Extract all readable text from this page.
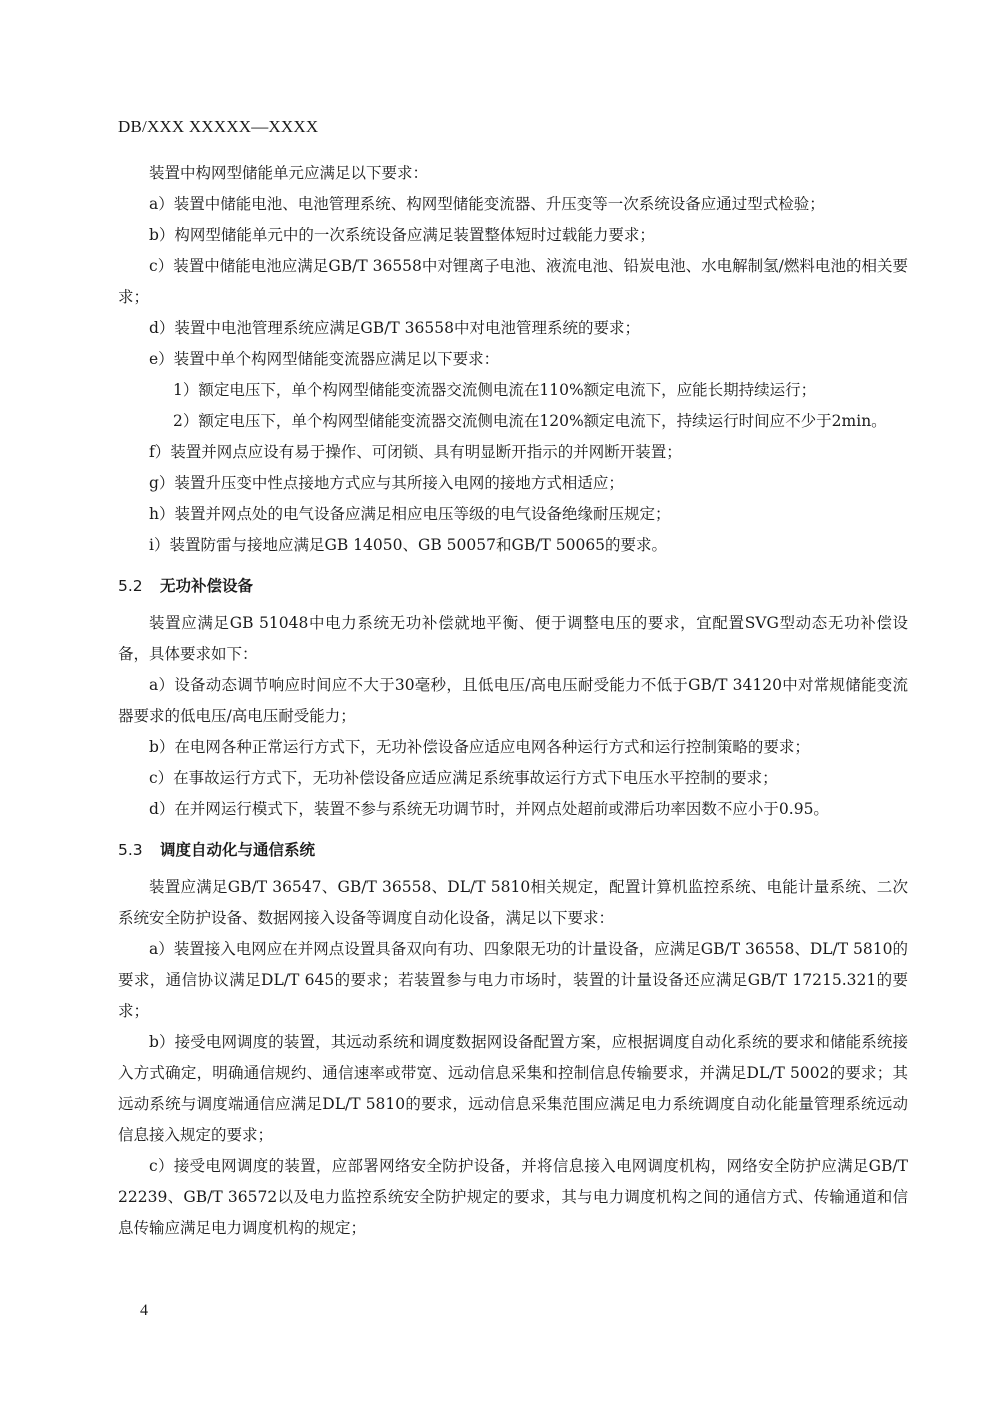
DB/XXX XXXXX—XXXX

装置中构网型储能单元应满足以下要求：

a）装置中储能电池、电池管理系统、构网型储能变流器、升压变等一次系统设备应通过型式检验；

b）构网型储能单元中的一次系统设备应满足装置整体短时过载能力要求；

c）装置中储能电池应满足GB/T 36558中对锂离子电池、液流电池、铅炭电池、水电解制氢/燃料电池的相关要求；

d）装置中电池管理系统应满足GB/T 36558中对电池管理系统的要求；

e）装置中单个构网型储能变流器应满足以下要求：

1）额定电压下，单个构网型储能变流器交流侧电流在110%额定电流下，应能长期持续运行；

2）额定电压下，单个构网型储能变流器交流侧电流在120%额定电流下，持续运行时间应不少于2min。

f）装置并网点应设有易于操作、可闭锁、具有明显断开指示的并网断开装置；

g）装置升压变中性点接地方式应与其所接入电网的接地方式相适应；

h）装置并网点处的电气设备应满足相应电压等级的电气设备绝缘耐压规定；

i）装置防雷与接地应满足GB 14050、GB 50057和GB/T 50065的要求。

5.2 无功补偿设备

装置应满足GB 51048中电力系统无功补偿就地平衡、便于调整电压的要求，宜配置SVG型动态无功补偿设备，具体要求如下：

a）设备动态调节响应时间应不大于30毫秒，且低电压/高电压耐受能力不低于GB/T 34120中对常规储能变流器要求的低电压/高电压耐受能力；

b）在电网各种正常运行方式下，无功补偿设备应适应电网各种运行方式和运行控制策略的要求；

c）在事故运行方式下，无功补偿设备应适应满足系统事故运行方式下电压水平控制的要求；

d）在并网运行模式下，装置不参与系统无功调节时，并网点处超前或滞后功率因数不应小于0.95。

5.3 调度自动化与通信系统

装置应满足GB/T 36547、GB/T 36558、DL/T 5810相关规定，配置计算机监控系统、电能计量系统、二次系统安全防护设备、数据网接入设备等调度自动化设备，满足以下要求：

a）装置接入电网应在并网点设置具备双向有功、四象限无功的计量设备，应满足GB/T 36558、DL/T 5810的要求，通信协议满足DL/T 645的要求；若装置参与电力市场时，装置的计量设备还应满足GB/T 17215.321的要求；

b）接受电网调度的装置，其远动系统和调度数据网设备配置方案，应根据调度自动化系统的要求和储能系统接入方式确定，明确通信规约、通信速率或带宽、远动信息采集和控制信息传输要求，并满足DL/T 5002的要求；其远动系统与调度端通信应满足DL/T 5810的要求，远动信息采集范围应满足电力系统调度自动化能量管理系统远动信息接入规定的要求；

c）接受电网调度的装置，应部署网络安全防护设备，并将信息接入电网调度机构，网络安全防护应满足GB/T 22239、GB/T 36572以及电力监控系统安全防护规定的要求，其与电力调度机构之间的通信方式、传输通道和信息传输应满足电力调度机构的规定；

4
